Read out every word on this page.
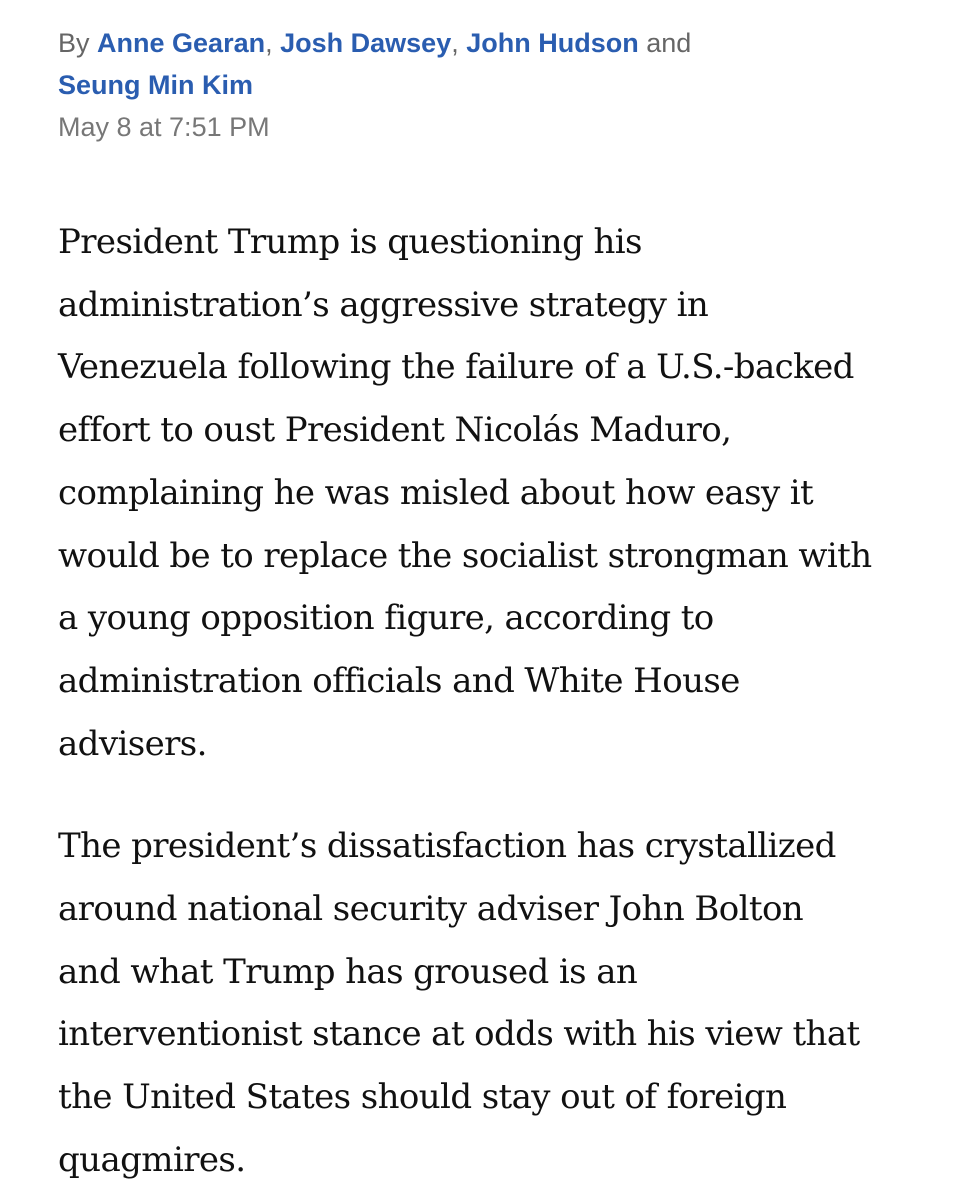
By Anne Gearan, Josh Dawsey, John Hudson and
Seung Min Kim
May 8 at 7:51 PM

President Trump is questioning his
administration’s aggressive strategy in
Venezuela following the failure of a U.S.-backed
effort to oust President Nicolás Maduro,
complaining he was misled about how easy it
would be to replace the socialist strongman with
a young opposition figure, according to
administration officials and White House
advisers.

The president’s dissatisfaction has crystallized
around national security adviser John Bolton
and what Trump has groused is an
interventionist stance at odds with his view that
the United States should stay out of foreign
quagmires.
